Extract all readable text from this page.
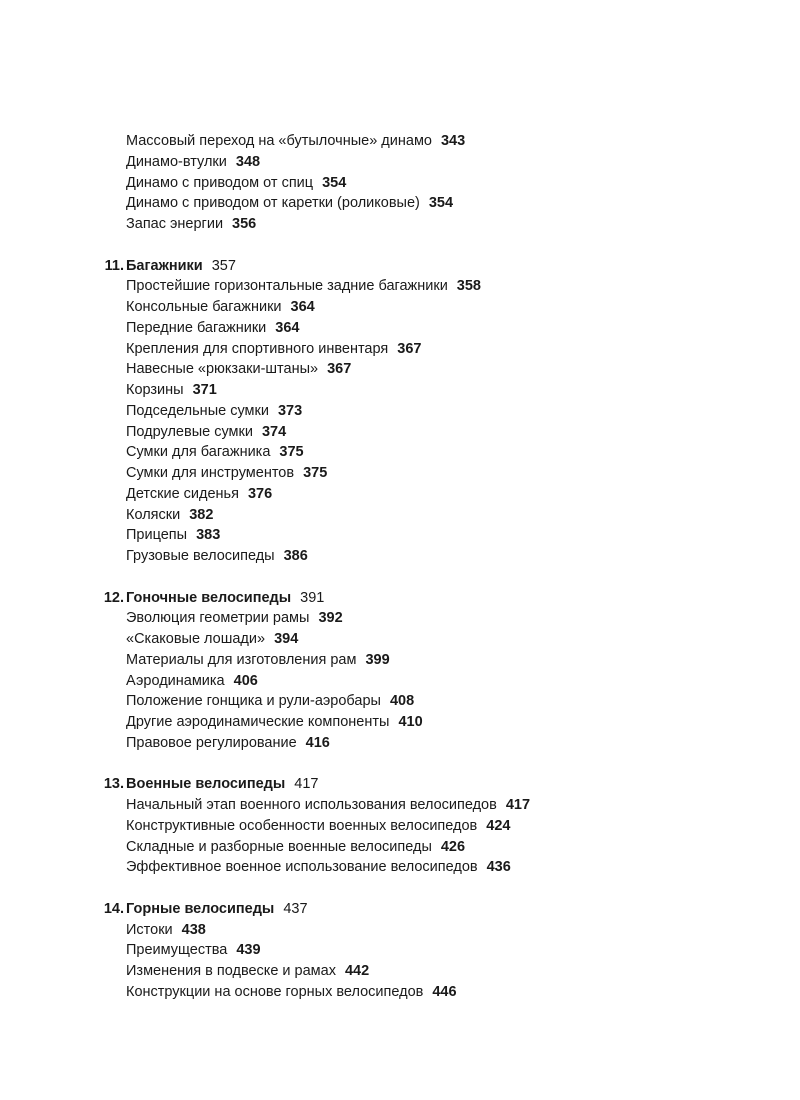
Массовый переход на «бутылочные» динамо 343
Динамо-втулки 348
Динамо с приводом от спиц 354
Динамо с приводом от каретки (роликовые) 354
Запас энергии 356
11. Багажники 357
Простейшие горизонтальные задние багажники 358
Консольные багажники 364
Передние багажники 364
Крепления для спортивного инвентаря 367
Навесные «рюкзаки-штаны» 367
Корзины 371
Подседельные сумки 373
Подрулевые сумки 374
Сумки для багажника 375
Сумки для инструментов 375
Детские сиденья 376
Коляски 382
Прицепы 383
Грузовые велосипеды 386
12. Гоночные велосипеды 391
Эволюция геометрии рамы 392
«Скаковые лошади» 394
Материалы для изготовления рам 399
Аэродинамика 406
Положение гонщика и рули-аэробары 408
Другие аэродинамические компоненты 410
Правовое регулирование 416
13. Военные велосипеды 417
Начальный этап военного использования велосипедов 417
Конструктивные особенности военных велосипедов 424
Складные и разборные военные велосипеды 426
Эффективное военное использование велосипедов 436
14. Горные велосипеды 437
Истоки 438
Преимущества 439
Изменения в подвеске и рамах 442
Конструкции на основе горных велосипедов 446
